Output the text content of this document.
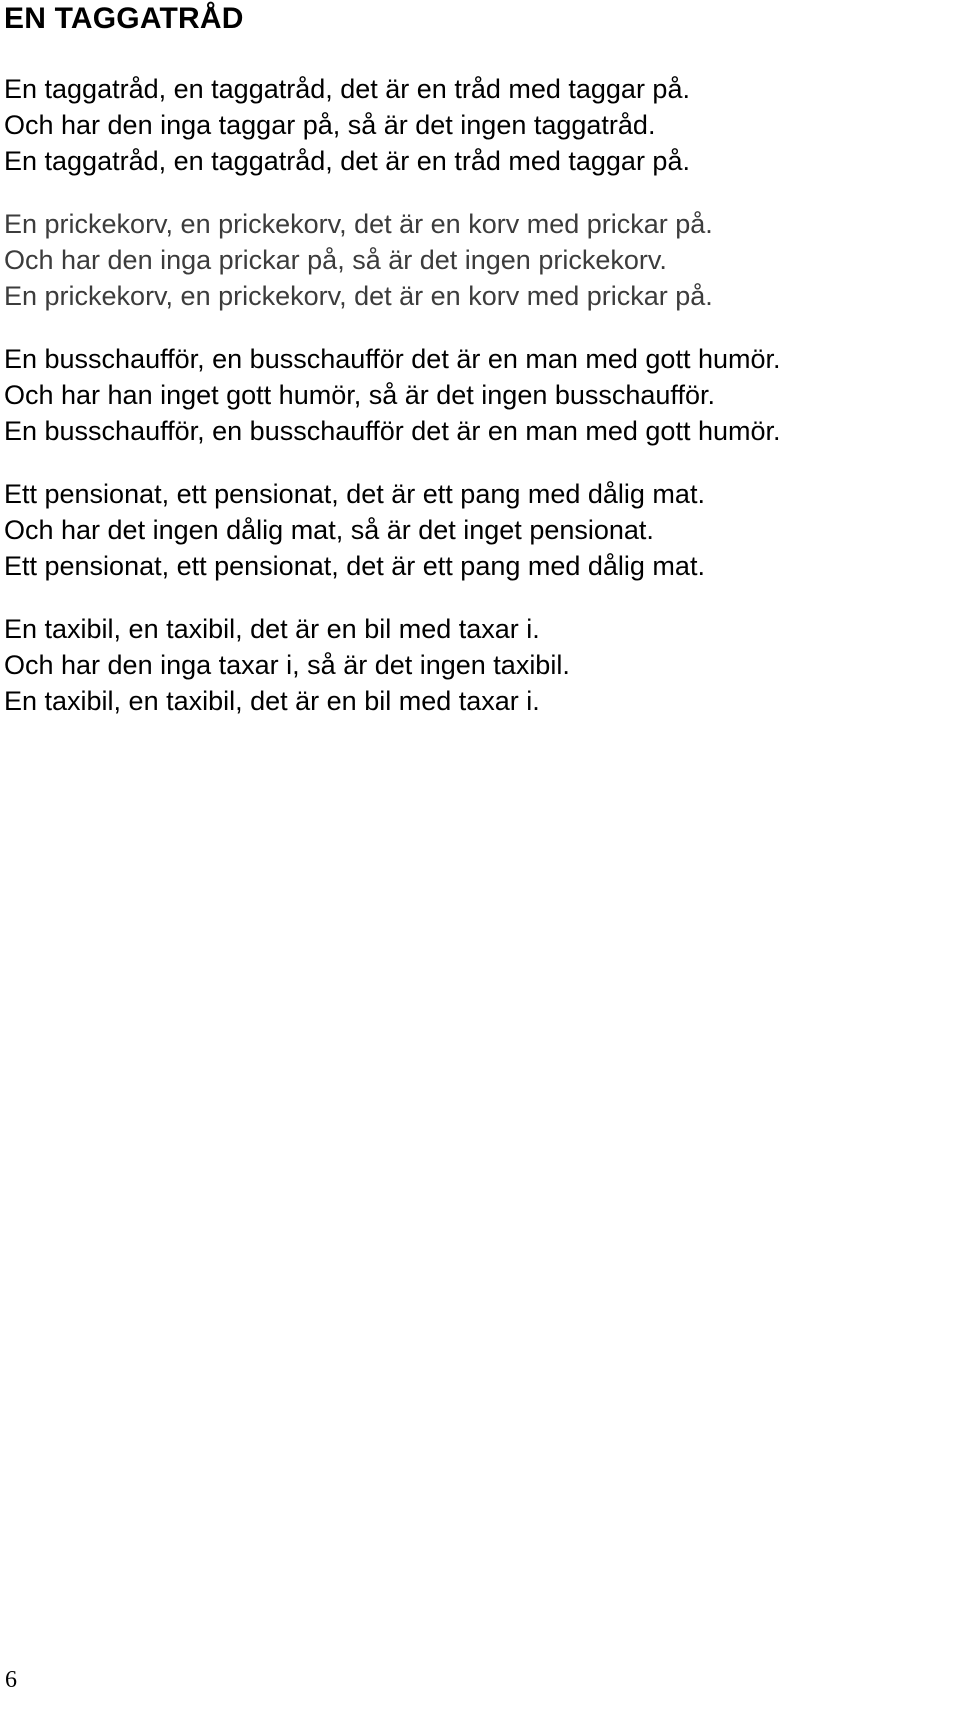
EN TAGGATRÅD
En taggatråd, en taggatråd, det är en tråd med taggar på.
Och har den inga taggar på, så är det ingen taggatråd.
En taggatråd, en taggatråd, det är en tråd med taggar på.
En prickekorv, en prickekorv, det är en korv med prickar på.
Och har den inga prickar på, så är det ingen prickekorv.
En prickekorv, en prickekorv, det är en korv med prickar på.
En busschaufför, en busschaufför det är en man med gott humör.
Och har han inget gott humör, så är det ingen busschaufför.
En busschaufför, en busschaufför det är en man med gott humör.
Ett pensionat, ett pensionat, det är ett pang med dålig mat.
Och har det ingen dålig mat, så är det inget pensionat.
Ett pensionat, ett pensionat, det är ett pang med dålig mat.
En taxibil, en taxibil, det är en bil med taxar i.
Och har den inga taxar i, så är det ingen taxibil.
En taxibil, en taxibil, det är en bil med taxar i.
6
